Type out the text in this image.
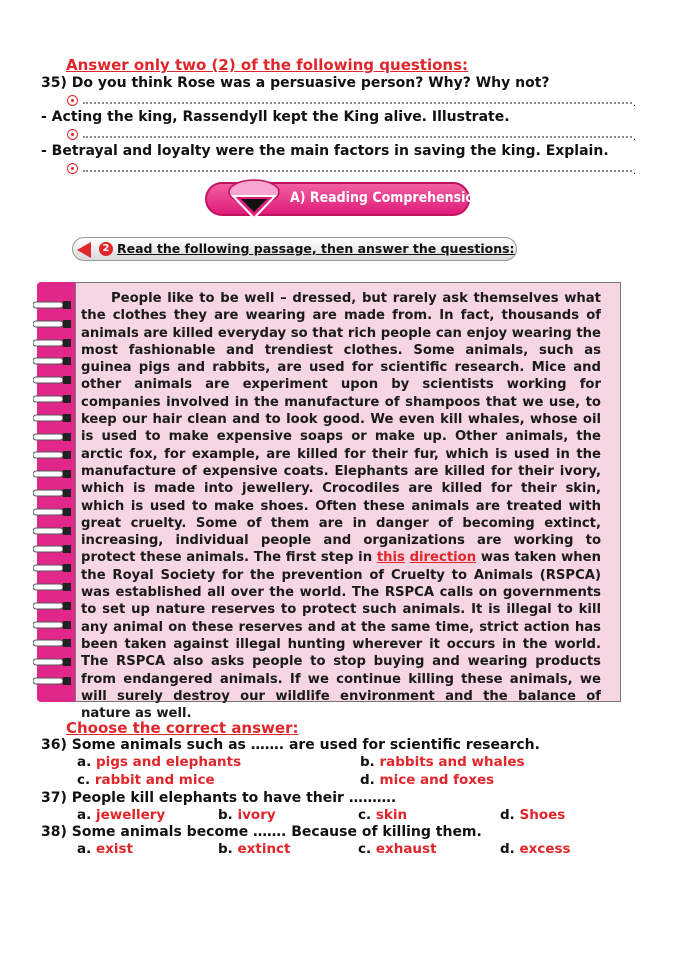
Answer only two (2) of the following questions:
35) Do you think Rose was a persuasive person? Why? Why not?
.
- Acting the king, Rassendyll kept the King alive. Illustrate.
.
- Betrayal and loyalty were the main factors in saving the king. Explain.
.
A) Reading Comprehension
2 Read the following passage, then answer the questions:
People like to be well – dressed, but rarely ask themselves what the clothes they are wearing are made from. In fact, thousands of animals are killed everyday so that rich people can enjoy wearing the most fashionable and trendiest clothes. Some animals, such as guinea pigs and rabbits, are used for scientific research. Mice and other animals are experiment upon by scientists working for companies involved in the manufacture of shampoos that we use, to keep our hair clean and to look good. We even kill whales, whose oil is used to make expensive soaps or make up. Other animals, the arctic fox, for example, are killed for their fur, which is used in the manufacture of expensive coats. Elephants are killed for their ivory, which is made into jewellery. Crocodiles are killed for their skin, which is used to make shoes. Often these animals are treated with great cruelty. Some of them are in danger of becoming extinct, increasing, individual people and organizations are working to protect these animals. The first step in this direction was taken when the Royal Society for the prevention of Cruelty to Animals (RSPCA) was established all over the world. The RSPCA calls on governments to set up nature reserves to protect such animals. It is illegal to kill any animal on these reserves and at the same time, strict action has been taken against illegal hunting wherever it occurs in the world. The RSPCA also asks people to stop buying and wearing products from endangered animals. If we continue killing these animals, we will surely destroy our wildlife environment and the balance of nature as well.
Choose the correct answer:
36) Some animals such as ……. are used for scientific research.
a. pigs and elephants	b. rabbits and whales
c. rabbit and mice	d. mice and foxes
37) People kill elephants to have their ……….
a. jewellery	b. ivory	c. skin	d. Shoes
38) Some animals become ……. Because of killing them.
a. exist	b. extinct	c. exhaust	d. excess
